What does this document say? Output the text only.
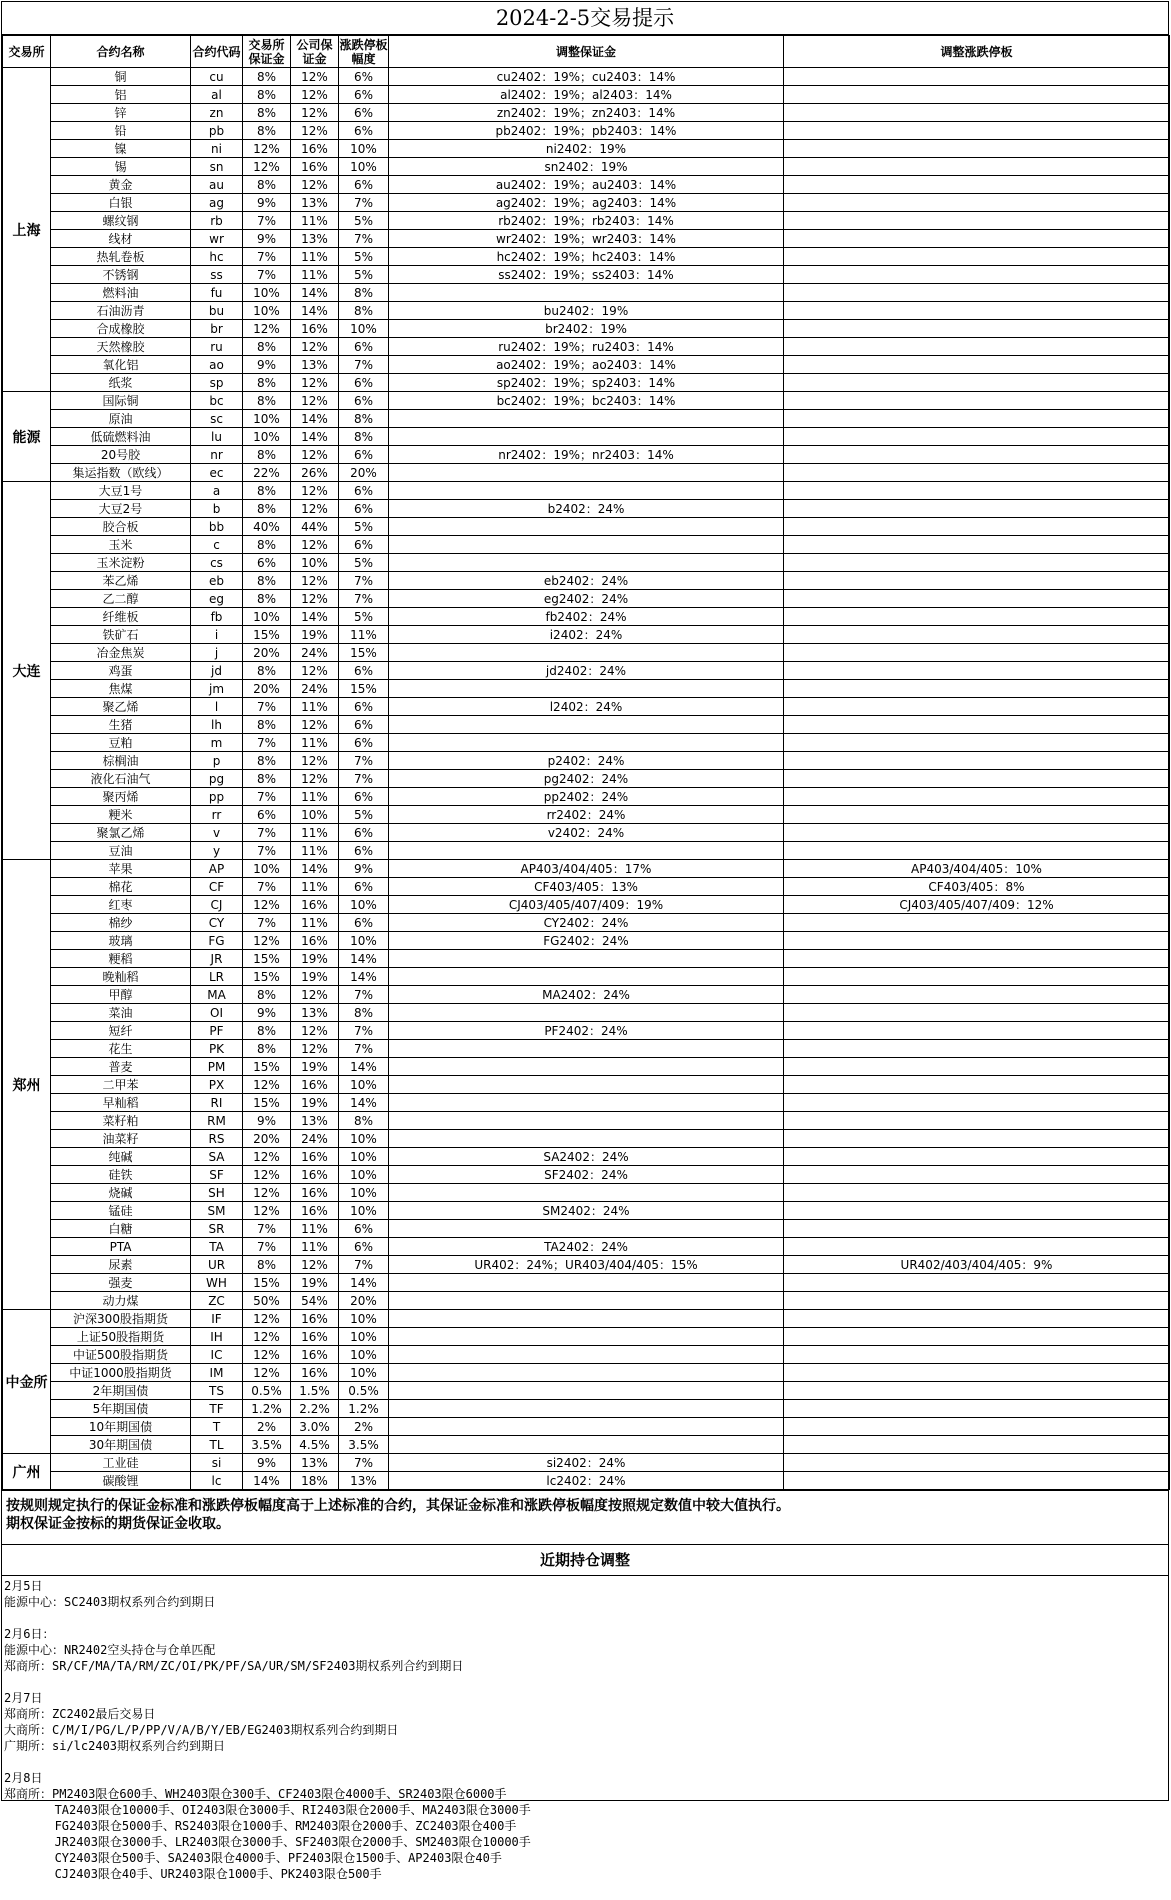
2024-2-5交易提示
交易所	合约名称	合约代码	交易所保证金	公司保证金	涨跌停板幅度	调整保证金	调整涨跌停板
上海	铜	cu	8%	12%	6%	cu2402：19%；cu2403：14%	
	铝	al	8%	12%	6%	al2402：19%；al2403：14%	
	锌	zn	8%	12%	6%	zn2402：19%；zn2403：14%	
	铅	pb	8%	12%	6%	pb2402：19%；pb2403：14%	
	镍	ni	12%	16%	10%	ni2402：19%	
	锡	sn	12%	16%	10%	sn2402：19%	
	黄金	au	8%	12%	6%	au2402：19%；au2403：14%	
	白银	ag	9%	13%	7%	ag2402：19%；ag2403：14%	
	螺纹钢	rb	7%	11%	5%	rb2402：19%；rb2403：14%	
	线材	wr	9%	13%	7%	wr2402：19%；wr2403：14%	
	热轧卷板	hc	7%	11%	5%	hc2402：19%；hc2403：14%	
	不锈钢	ss	7%	11%	5%	ss2402：19%；ss2403：14%	
	燃料油	fu	10%	14%	8%		
	石油沥青	bu	10%	14%	8%	bu2402：19%	
	合成橡胶	br	12%	16%	10%	br2402：19%	
	天然橡胶	ru	8%	12%	6%	ru2402：19%；ru2403：14%	
	氧化铝	ao	9%	13%	7%	ao2402：19%；ao2403：14%	
	纸浆	sp	8%	12%	6%	sp2402：19%；sp2403：14%	
能源	国际铜	bc	8%	12%	6%	bc2402：19%；bc2403：14%	
	原油	sc	10%	14%	8%		
	低硫燃料油	lu	10%	14%	8%		
	20号胶	nr	8%	12%	6%	nr2402：19%；nr2403：14%	
	集运指数（欧线）	ec	22%	26%	20%		
大连	大豆1号	a	8%	12%	6%		
	大豆2号	b	8%	12%	6%	b2402：24%	
	胶合板	bb	40%	44%	5%		
	玉米	c	8%	12%	6%		
	玉米淀粉	cs	6%	10%	5%		
	苯乙烯	eb	8%	12%	7%	eb2402：24%	
	乙二醇	eg	8%	12%	7%	eg2402：24%	
	纤维板	fb	10%	14%	5%	fb2402：24%	
	铁矿石	i	15%	19%	11%	i2402：24%	
	冶金焦炭	j	20%	24%	15%		
	鸡蛋	jd	8%	12%	6%	jd2402：24%	
	焦煤	jm	20%	24%	15%		
	聚乙烯	l	7%	11%	6%	l2402：24%	
	生猪	lh	8%	12%	6%		
	豆粕	m	7%	11%	6%		
	棕榈油	p	8%	12%	7%	p2402：24%	
	液化石油气	pg	8%	12%	7%	pg2402：24%	
	聚丙烯	pp	7%	11%	6%	pp2402：24%	
	粳米	rr	6%	10%	5%	rr2402：24%	
	聚氯乙烯	v	7%	11%	6%	v2402：24%	
	豆油	y	7%	11%	6%		
郑州	苹果	AP	10%	14%	9%	AP403/404/405：17%	AP403/404/405：10%
	棉花	CF	7%	11%	6%	CF403/405：13%	CF403/405：8%
	红枣	CJ	12%	16%	10%	CJ403/405/407/409：19%	CJ403/405/407/409：12%
	棉纱	CY	7%	11%	6%	CY2402：24%	
	玻璃	FG	12%	16%	10%	FG2402：24%	
	粳稻	JR	15%	19%	14%		
	晚籼稻	LR	15%	19%	14%		
	甲醇	MA	8%	12%	7%	MA2402：24%	
	菜油	OI	9%	13%	8%		
	短纤	PF	8%	12%	7%	PF2402：24%	
	花生	PK	8%	12%	7%		
	普麦	PM	15%	19%	14%		
	二甲苯	PX	12%	16%	10%		
	早籼稻	RI	15%	19%	14%		
	菜籽粕	RM	9%	13%	8%		
	油菜籽	RS	20%	24%	10%		
	纯碱	SA	12%	16%	10%	SA2402：24%	
	硅铁	SF	12%	16%	10%	SF2402：24%	
	烧碱	SH	12%	16%	10%		
	锰硅	SM	12%	16%	10%	SM2402：24%	
	白糖	SR	7%	11%	6%		
	PTA	TA	7%	11%	6%	TA2402：24%	
	尿素	UR	8%	12%	7%	UR402：24%；UR403/404/405：15%	UR402/403/404/405：9%
	强麦	WH	15%	19%	14%		
	动力煤	ZC	50%	54%	20%		
中金所	沪深300股指期货	IF	12%	16%	10%		
	上证50股指期货	IH	12%	16%	10%		
	中证500股指期货	IC	12%	16%	10%		
	中证1000股指期货	IM	12%	16%	10%		
	2年期国债	TS	0.5%	1.5%	0.5%		
	5年期国债	TF	1.2%	2.2%	1.2%		
	10年期国债	T	2%	3.0%	2%		
	30年期国债	TL	3.5%	4.5%	3.5%		
广州	工业硅	si	9%	13%	7%	si2402：24%	
	碳酸锂	lc	14%	18%	13%	lc2402：24%	
按规则规定执行的保证金标准和涨跌停板幅度高于上述标准的合约，其保证金标准和涨跌停板幅度按照规定数值中较大值执行。
期权保证金按标的期货保证金收取。
近期持仓调整
2月5日
能源中心：SC2403期权系列合约到期日
2月6日：
能源中心：NR2402空头持仓与仓单匹配
郑商所：SR/CF/MA/TA/RM/ZC/OI/PK/PF/SA/UR/SM/SF2403期权系列合约到期日
2月7日
郑商所：ZC2402最后交易日
大商所：C/M/I/PG/L/P/PP/V/A/B/Y/EB/EG2403期权系列合约到期日
广期所：si/lc2403期权系列合约到期日
2月8日
郑商所：PM2403限仓600手、WH2403限仓300手、CF2403限仓4000手、SR2403限仓6000手
TA2403限仓10000手、OI2403限仓3000手、RI2403限仓2000手、MA2403限仓3000手
FG2403限仓5000手、RS2403限仓1000手、RM2403限仓2000手、ZC2403限仓400手
JR2403限仓3000手、LR2403限仓3000手、SF2403限仓2000手、SM2403限仓10000手
CY2403限仓500手、SA2403限仓4000手、PF2403限仓1500手、AP2403限仓40手
CJ2403限仓40手、UR2403限仓1000手、PK2403限仓500手
